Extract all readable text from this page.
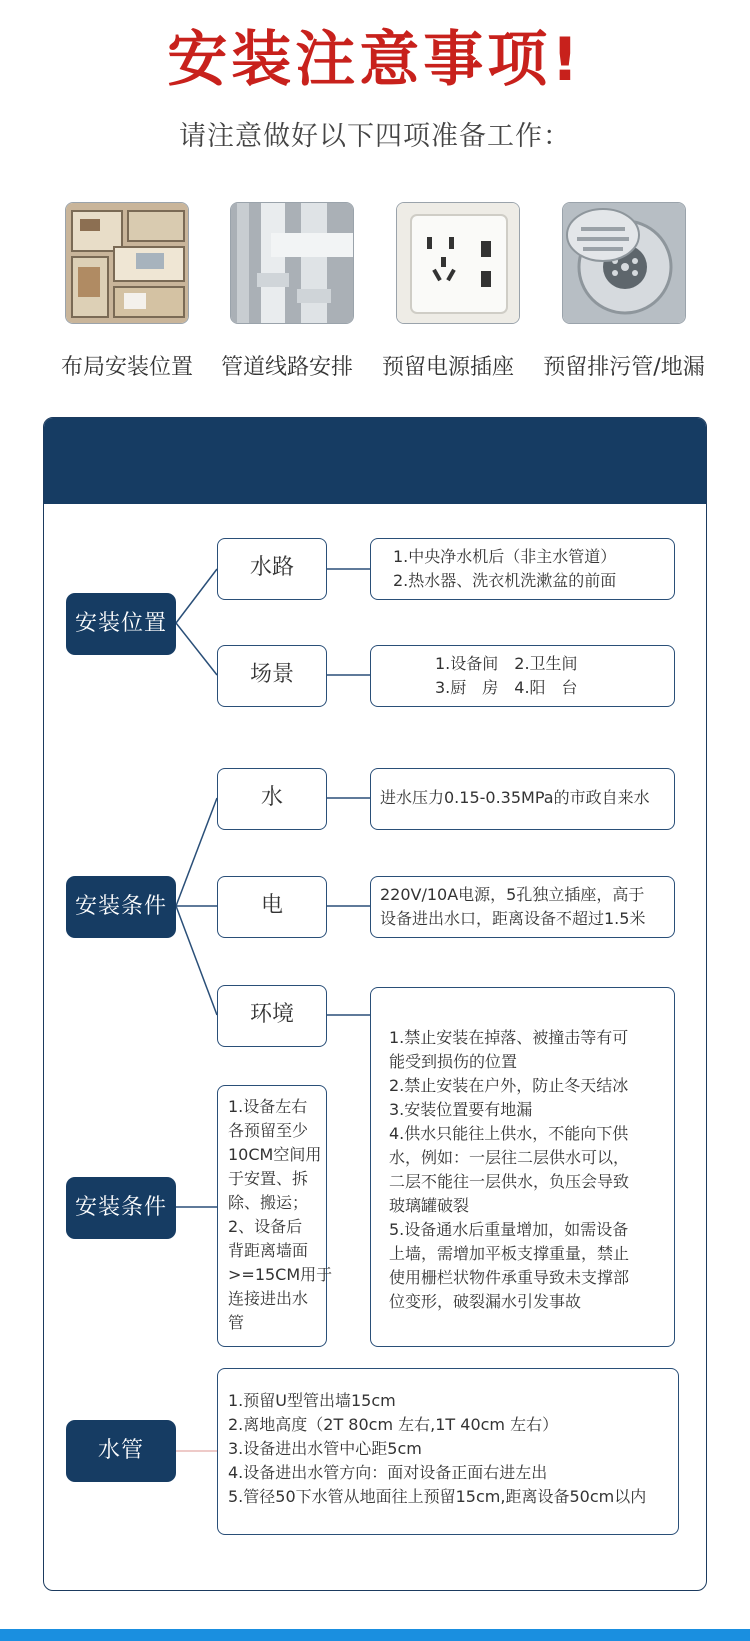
安装注意事项!
请注意做好以下四项准备工作：
布局安装位置	管道线路安排	预留电源插座	预留排污管/地漏
安装位置
水路
场景
1.中央净水机后（非主水管道）
2.热水器、洗衣机洗漱盆的前面
1.设备间　2.卫生间
3.厨　房　4.阳　台
安装条件
水
电
环境
进水压力0.15-0.35MPa的市政自来水
220V/10A电源，5孔独立插座，高于
设备进出水口，距离设备不超过1.5米
1.禁止安装在掉落、被撞击等有可
能受到损伤的位置
2.禁止安装在户外，防止冬天结冰
3.安装位置要有地漏
4.供水只能往上供水，不能向下供
水，例如：一层往二层供水可以，
二层不能往一层供水，负压会导致
玻璃罐破裂
5.设备通水后重量增加，如需设备
上墙，需增加平板支撑重量，禁止
使用栅栏状物件承重导致未支撑部
位变形，破裂漏水引发事故
安装条件
1.设备左右
各预留至少
10CM空间用
于安置、拆
除、搬运；
2、设备后
背距离墙面
>=15CM用于
连接进出水
管
水管
1.预留U型管出墙15cm
2.离地高度（2T 80cm 左右,1T 40cm 左右）
3.设备进出水管中心距5cm
4.设备进出水管方向：面对设备正面右进左出
5.管径50下水管从地面往上预留15cm,距离设备50cm以内
